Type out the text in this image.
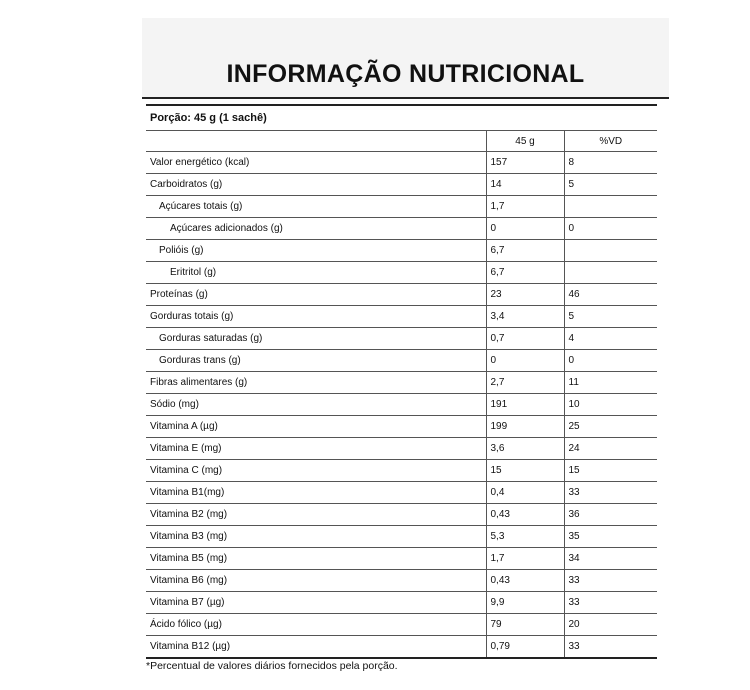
INFORMAÇÃO NUTRICIONAL
Porção: 45 g (1 sachê)		
	45 g	%VD
Valor energético (kcal)	157	8
Carboidratos (g)	14	5
Açúcares totais (g)	1,7	
Açúcares adicionados (g)	0	0
Polióis (g)	6,7	
Eritritol (g)	6,7	
Proteínas (g)	23	46
Gorduras totais (g)	3,4	5
Gorduras saturadas (g)	0,7	4
Gorduras trans (g)	0	0
Fibras alimentares (g)	2,7	11
Sódio (mg)	191	10
Vitamina A (µg)	199	25
Vitamina E (mg)	3,6	24
Vitamina C (mg)	15	15
Vitamina B1(mg)	0,4	33
Vitamina B2 (mg)	0,43	36
Vitamina B3 (mg)	5,3	35
Vitamina B5 (mg)	1,7	34
Vitamina B6 (mg)	0,43	33
Vitamina B7 (µg)	9,9	33
Ácido fólico (µg)	79	20
Vitamina B12 (µg)	0,79	33
*Percentual de valores diários fornecidos pela porção.
